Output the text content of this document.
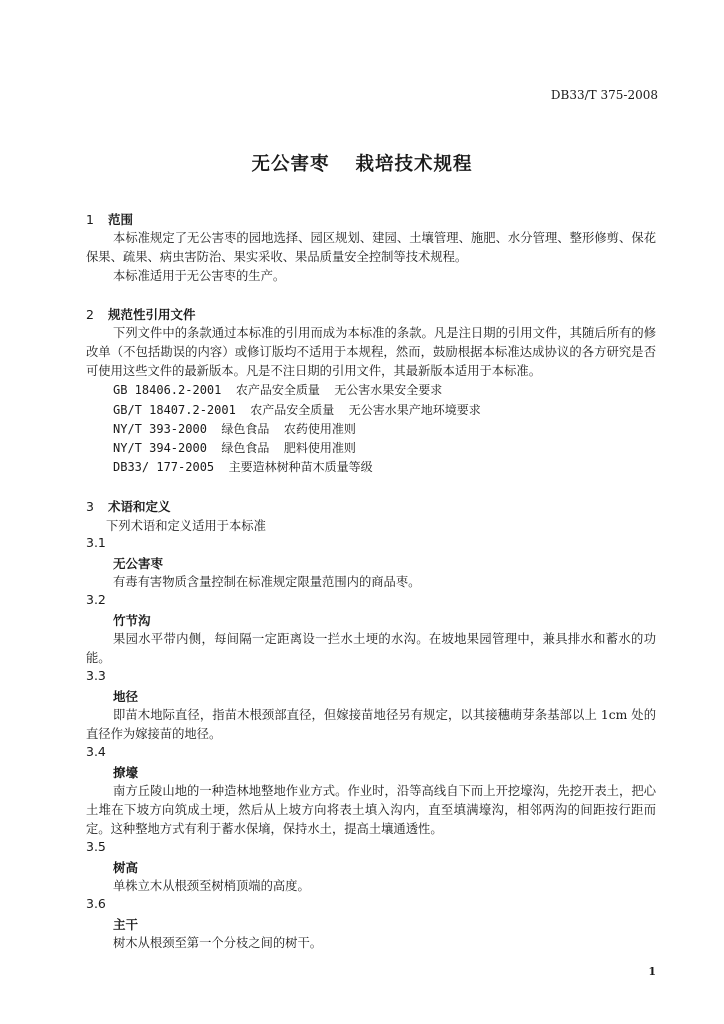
DB33/T 375-2008
无公害枣 栽培技术规程
1 范围
本标准规定了无公害枣的园地选择、园区规划、建园、土壤管理、施肥、水分管理、整形修剪、保花保果、疏果、病虫害防治、果实采收、果品质量安全控制等技术规程。
本标准适用于无公害枣的生产。
2 规范性引用文件
下列文件中的条款通过本标准的引用而成为本标准的条款。凡是注日期的引用文件，其随后所有的修改单（不包括勘误的内容）或修订版均不适用于本规程，然而，鼓励根据本标准达成协议的各方研究是否可使用这些文件的最新版本。凡是不注日期的引用文件，其最新版本适用于本标准。
GB 18406.2-2001  农产品安全质量  无公害水果安全要求
GB/T 18407.2-2001  农产品安全质量  无公害水果产地环境要求
NY/T 393-2000  绿色食品  农药使用准则
NY/T 394-2000  绿色食品  肥料使用准则
DB33/ 177-2005  主要造林树种苗木质量等级
3 术语和定义
下列术语和定义适用于本标准
3.1
无公害枣
有毒有害物质含量控制在标准规定限量范围内的商品枣。
3.2
竹节沟
果园水平带内侧，每间隔一定距离设一拦水土埂的水沟。在坡地果园管理中，兼具排水和蓄水的功能。
3.3
地径
即苗木地际直径，指苗木根颈部直径，但嫁接苗地径另有规定，以其接穗萌芽条基部以上 1cm 处的直径作为嫁接苗的地径。
3.4
撩壕
南方丘陵山地的一种造林地整地作业方式。作业时，沿等高线自下而上开挖壕沟，先挖开表土，把心土堆在下坡方向筑成土埂，然后从上坡方向将表土填入沟内，直至填满壕沟，相邻两沟的间距按行距而定。这种整地方式有利于蓄水保墒，保持水土，提高土壤通透性。
3.5
树高
单株立木从根颈至树梢顶端的高度。
3.6
主干
树木从根颈至第一个分枝之间的树干。
1
